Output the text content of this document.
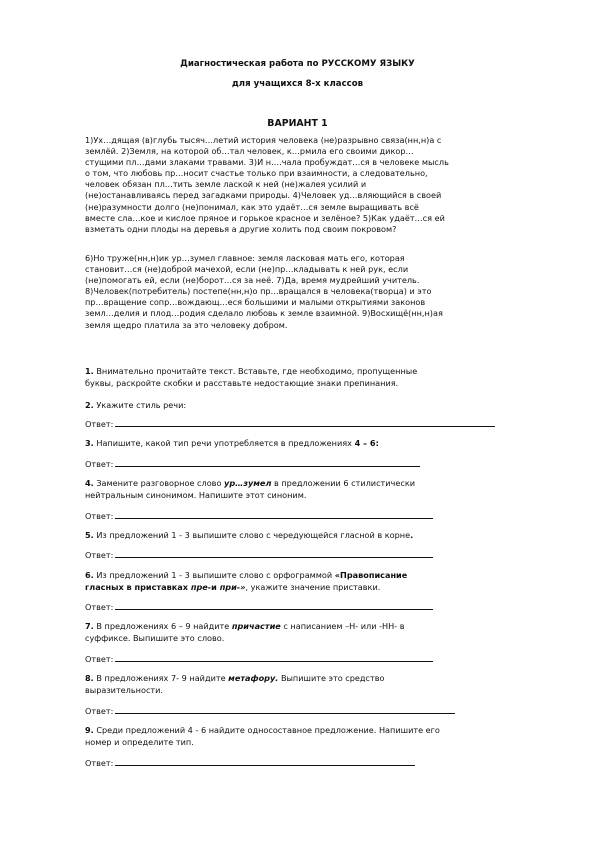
Диагностическая работа по РУССКОМУ ЯЗЫКУ
для учащихся 8-х классов
ВАРИАНТ 1
1)Ух…дящая (в)глубь тысяч…летий история человека (не)разрывно связа(нн,н)а с
землёй. 2)Земля, на которой об…тал человек, к…рмила его своими дикор…
стущими пл…дами злаками травами. 3)И н….чала пробуждат…ся в человеке мысль
о том, что любовь пр…носит счастье только при взаимности, а следовательно,
человек обязан пл…тить земле лаской к ней (не)жалея усилий и
(не)останавливаясь перед загадками природы. 4)Человек уд…вляющийся в своей
(не)разумности долго (не)понимал, как это удаёт…ся земле выращивать всё
вместе сла…кое и кислое пряное и горькое красное и зелёное? 5)Как удаёт…ся ей
взметать одни плоды на деревья а другие холить под своим покровом?
6)Но труже(нн,н)ик ур…зумел главное: земля ласковая мать его, которая
становит…ся (не)доброй мачехой, если (не)пр…кладывать к ней рук, если
(не)помогать ей, если (не)борот…ся за неё. 7)Да, время мудрейший учитель.
8)Человек(потребитель) постепе(нн,н)о пр…вращался в человека(творца) и это
пр…вращение сопр…вождающ…еся большими и малыми открытиями законов
земл…делия и плод…родия сделало любовь к земле взаимной. 9)Восхищё(нн,н)ая
земля щедро платила за это человеку добром.
1. Внимательно прочитайте текст. Вставьте, где необходимо, пропущенные
буквы, раскройте скобки и расставьте недостающие знаки препинания.
2. Укажите стиль речи:
Ответ:
3. Напишите, какой тип речи употребляется в предложениях 4 – 6:
Ответ:
4. Замените разговорное слово ур…зумел в предложении 6 стилистически
нейтральным синонимом. Напишите этот синоним.
Ответ:
5. Из предложений 1 - 3 выпишите слово с чередующейся гласной в корне.
Ответ:
6. Из предложений 1 - 3 выпишите слово с орфограммой «Правописание
гласных в приставках пре-и при-», укажите значение приставки.
Ответ:
7. В предложениях 6 – 9 найдите причастие с написанием –Н- или -НН- в
суффиксе. Выпишите это слово.
Ответ:
8. В предложениях 7- 9 найдите метафору. Выпишите это средство
выразительности.
Ответ:
9. Среди предложений 4 - 6 найдите односоставное предложение. Напишите его
номер и определите тип.
Ответ:
